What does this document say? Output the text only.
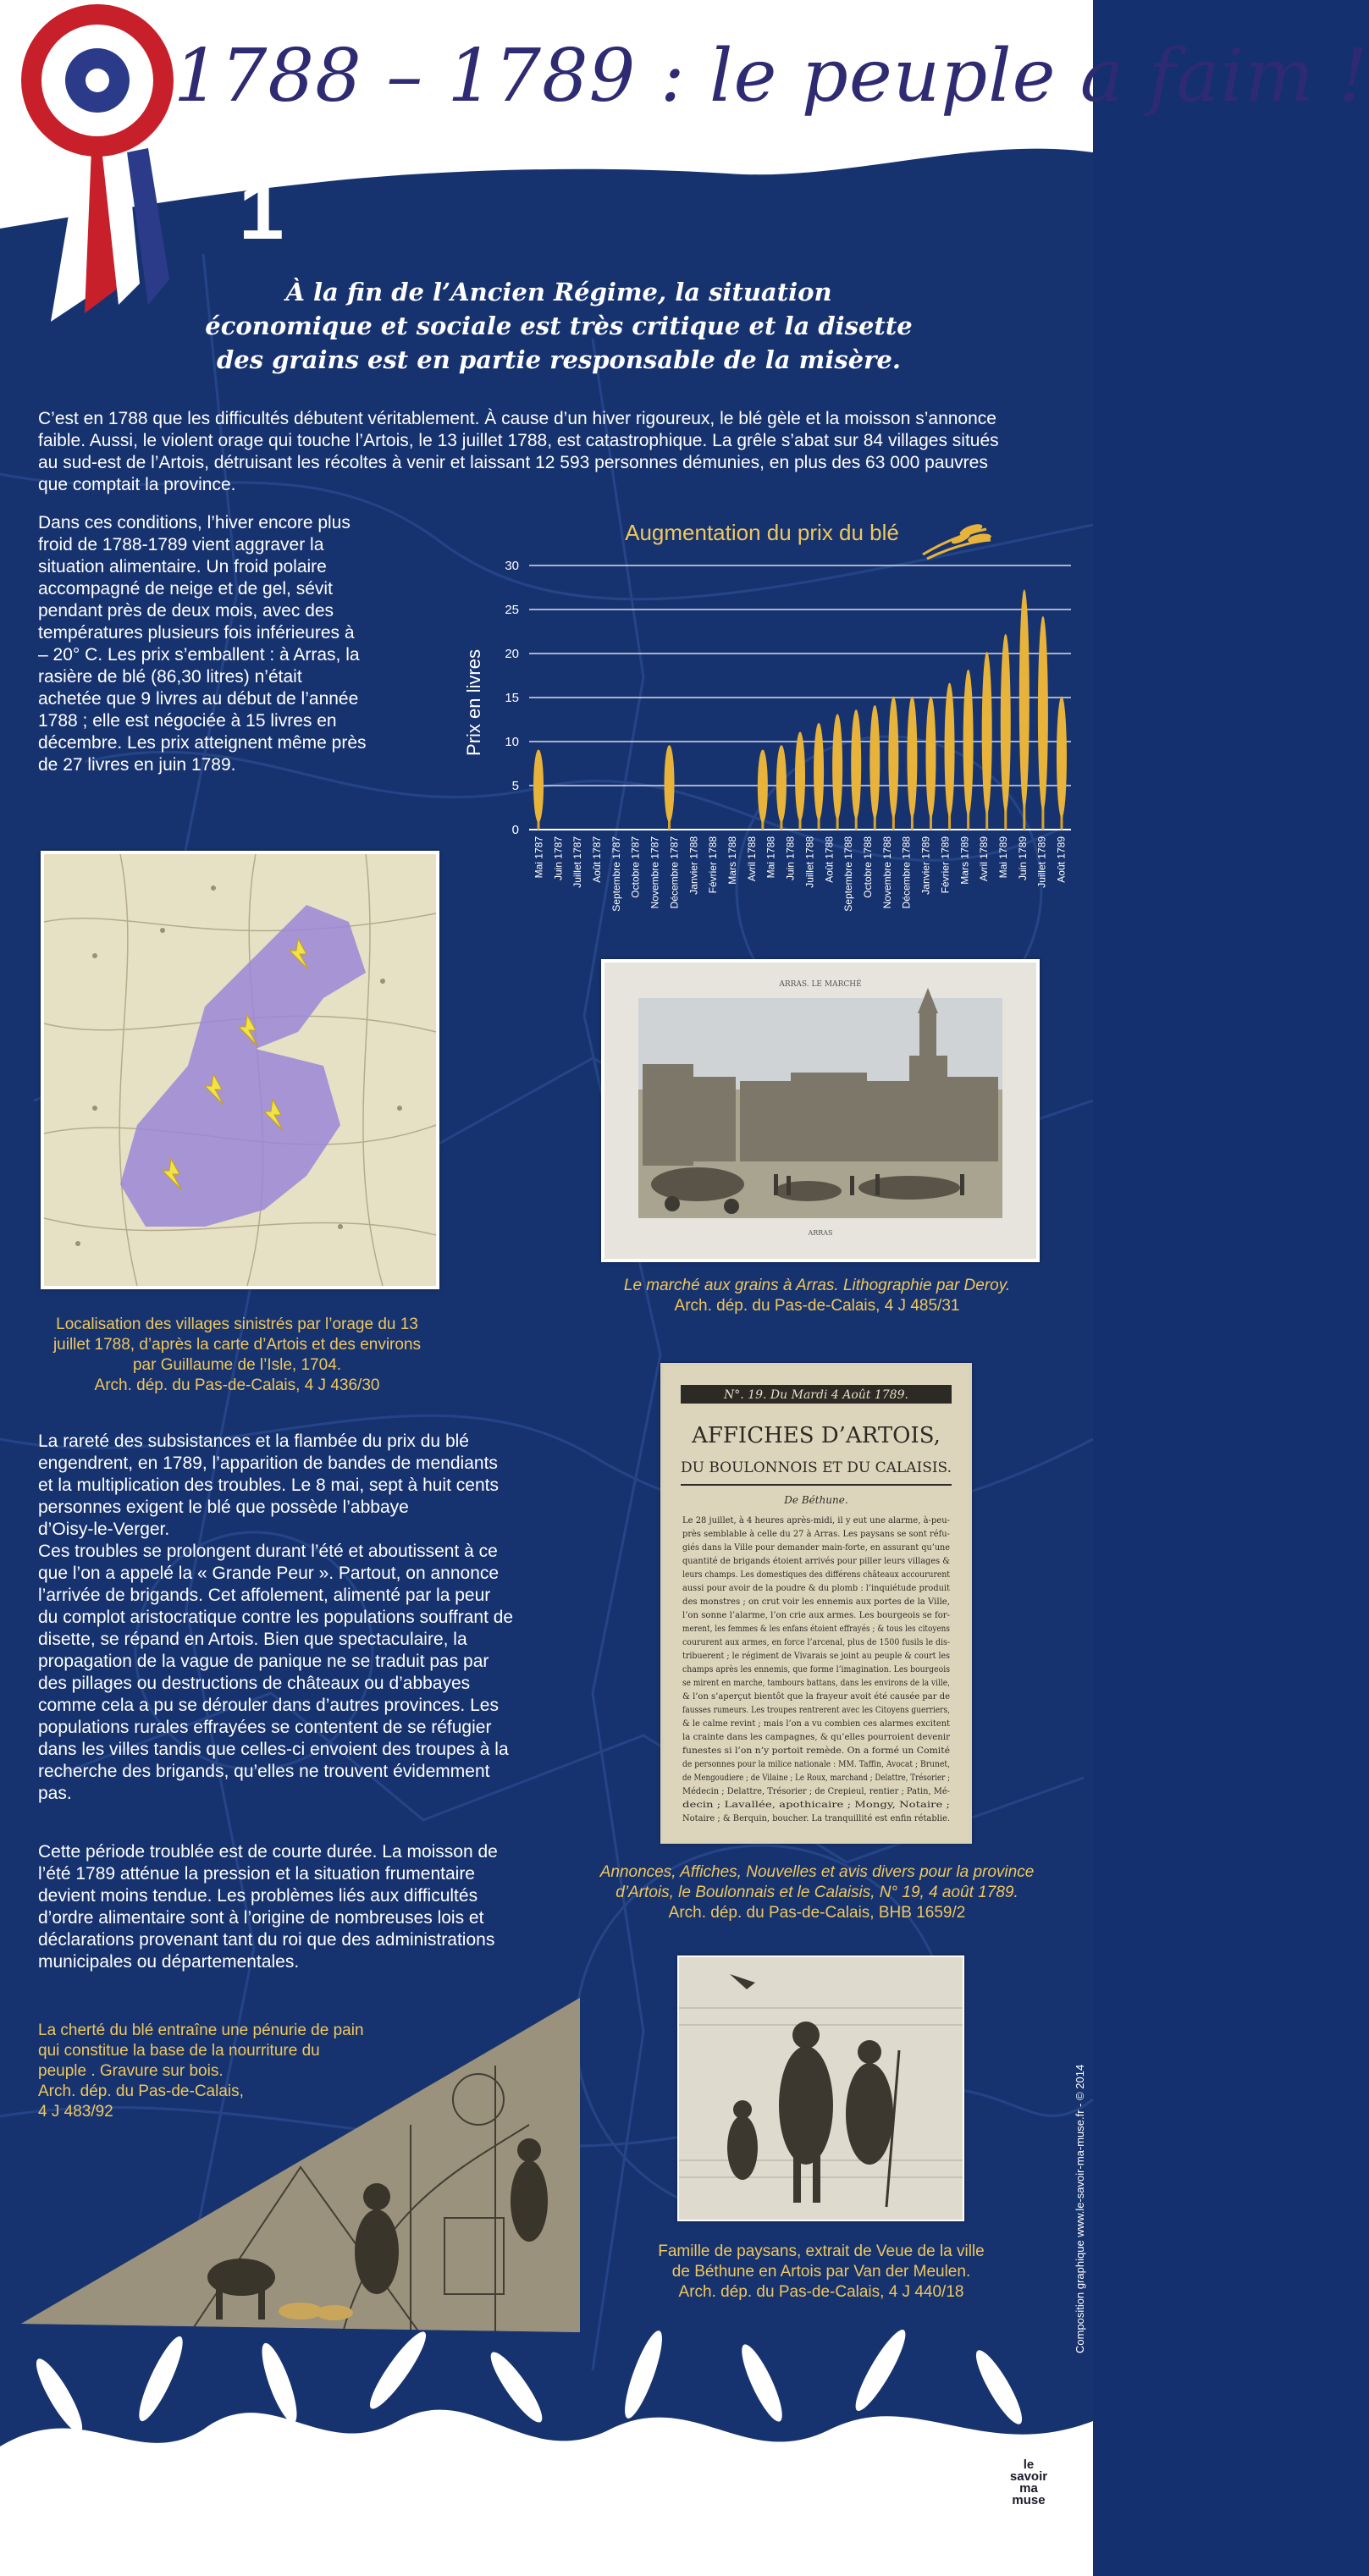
1788 – 1789 : le peuple a faim !
1
À la fin de l’Ancien Régime, la situation
économique et sociale est très critique et la disette
des grains est en partie responsable de la misère.
C’est en 1788 que les difficultés débutent véritablement. À cause d’un hiver rigoureux, le blé gèle et la moisson s’annonce
faible. Aussi, le violent orage qui touche l’Artois, le 13 juillet 1788, est catastrophique. La grêle s’abat sur 84 villages situés
au sud-est de l’Artois, détruisant les récoltes à venir et laissant 12 593 personnes démunies, en plus des 63 000 pauvres
que comptait la province.
Dans ces conditions, l’hiver encore plus
froid de 1788-1789 vient aggraver la
situation alimentaire. Un froid polaire
accompagné de neige et de gel, sévit
pendant près de deux mois, avec des
températures plusieurs fois inférieures à
– 20° C. Les prix s’emballent : à Arras, la
rasière de blé (86,30 litres) n’était
achetée que 9 livres au début de l’année
1788 ; elle est négociée à 15 livres en
décembre. Les prix atteignent même près
de 27 livres en juin 1789.
Augmentation du prix du blé
Prix en livres
0
5
10
15
20
25
30
Mai 1787 Juin 1787 Juillet 1787 Août 1787 Septembre 1787 Octobre 1787 Novembre 1787 Décembre 1787 Janvier 1788 Février 1788 Mars 1788 Avril 1788 Mai 1788 Juin 1788 Juillet 1788 Août 1788 Septembre 1788 Octobre 1788 Novembre 1788 Décembre 1788 Janvier 1789 Février 1789 Mars 1789 Avril 1789 Mai 1789 Juin 1789 Juillet 1789 Août 1789
Localisation des villages sinistrés par l’orage du 13
juillet 1788, d’après la carte d’Artois et des environs
par Guillaume de l’Isle, 1704.
Arch. dép. du Pas-de-Calais, 4 J 436/30
ARRAS. LE MARCHÉ
ARRAS
Le marché aux grains à Arras. Lithographie par Deroy.
Arch. dép. du Pas-de-Calais, 4 J 485/31
La rareté des subsistances et la flambée du prix du blé
engendrent, en 1789, l’apparition de bandes de mendiants
et la multiplication des troubles. Le 8 mai, sept à huit cents
personnes exigent le blé que possède l’abbaye
d’Oisy-le-Verger.
Ces troubles se prolongent durant l’été et aboutissent à ce
que l’on a appelé la « Grande Peur ». Partout, on annonce
l’arrivée de brigands. Cet affolement, alimenté par la peur
du complot aristocratique contre les populations souffrant de
disette, se répand en Artois. Bien que spectaculaire, la
propagation de la vague de panique ne se traduit pas par
des pillages ou destructions de châteaux ou d’abbayes
comme cela a pu se dérouler dans d’autres provinces. Les
populations rurales effrayées se contentent de se réfugier
dans les villes tandis que celles-ci envoient des troupes à la
recherche des brigands, qu’elles ne trouvent évidemment
pas.
Cette période troublée est de courte durée. La moisson de
l’été 1789 atténue la pression et la situation frumentaire
devient moins tendue. Les problèmes liés aux difficultés
d’ordre alimentaire sont à l’origine de nombreuses lois et
déclarations provenant tant du roi que des administrations
municipales ou départementales.
N°. 19. Du Mardi 4 Août 1789.
AFFICHES D’ARTOIS,
DU BOULONNOIS ET DU CALAISIS.
De Béthune.
Le 28 juillet, à 4 heures après-midi, il y eut une alarme, à-peu-
près semblable à celle du 27 à Arras. Les paysans se sont réfu-
giés dans la Ville pour demander main-forte, en assurant qu’une
quantité de brigands étoient arrivés pour piller leurs villages &
leurs champs. Les domestiques des différens châteaux accoururent
aussi pour avoir de la poudre & du plomb : l’inquiétude produit
des monstres ; on crut voir les ennemis aux portes de la Ville,
l’on sonne l’alarme, l’on crie aux armes. Les bourgeois se for-
merent, les femmes & les enfans étoient effrayés ; & tous les citoyens
coururent aux armes, en force l’arcenal, plus de 1500 fusils le dis-
tribuerent ; le régiment de Vivarais se joint au peuple & court les
champs après les ennemis, que forme l’imagination. Les bourgeois
se mirent en marche, tambours battans, dans les environs de la ville,
& l’on s’aperçut bientôt que la frayeur avoit été causée par de
fausses rumeurs. Les troupes rentrerent avec les Citoyens guerriers,
& le calme revint ; mais l’on a vu combien ces alarmes excitent
la crainte dans les campagnes, & qu’elles pourroient devenir
funestes si l’on n’y portoit remède. On a formé un Comité
de personnes pour la milice nationale : MM. Taffin, Avocat ; Brunet,
de Mengoudiere ; de Vilaine ; Le Roux, marchand ; Delattre, Trésorier ;
Médecin ; Delattre, Trésorier ; de Crepieul, rentier ; Patin, Mé-
decin ; Lavallée, apothicaire ; Mongy, Notaire ;
Notaire ; & Berquin, boucher. La tranquillité est enfin rétablie.
Annonces, Affiches, Nouvelles et avis divers pour la province
d’Artois, le Boulonnais et le Calaisis, N° 19, 4 août 1789.
Arch. dép. du Pas-de-Calais, BHB 1659/2
La cherté du blé entraîne une pénurie de pain
qui constitue la base de la nourriture du
peuple . Gravure sur bois.
Arch. dép. du Pas-de-Calais,
4 J 483/92
Famille de paysans, extrait de Veue de la ville
de Béthune en Artois par Van der Meulen.
Arch. dép. du Pas-de-Calais, 4 J 440/18	Composition graphique www.le-savoir-ma-muse.fr - © 2014
le
savoir
ma
muse
